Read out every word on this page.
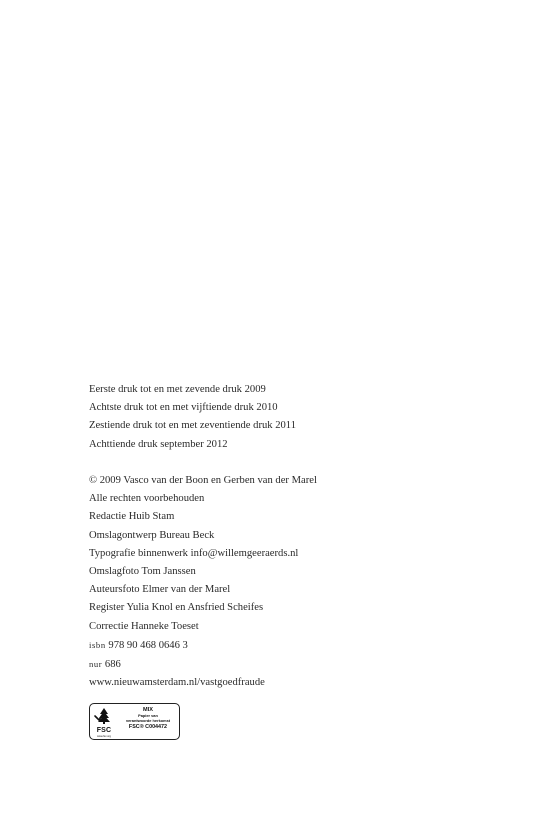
Eerste druk tot en met zevende druk 2009
Achtste druk tot en met vijftiende druk 2010
Zestiende druk tot en met zeventiende druk 2011
Achttiende druk september 2012
© 2009 Vasco van der Boon en Gerben van der Marel
Alle rechten voorbehouden
Redactie Huib Stam
Omslagontwerp Bureau Beck
Typografie binnenwerk info@willemgeeraerds.nl
Omslagfoto Tom Janssen
Auteursfoto Elmer van der Marel
Register Yulia Knol en Ansfried Scheifes
Correctie Hanneke Toeset
isbn 978 90 468 0646 3
nur 686
www.nieuwamsterdam.nl/vastgoedfraude
FSC
www.fsc.org
MIX
Papier van
verantwoorde herkomst
FSC® C004472
